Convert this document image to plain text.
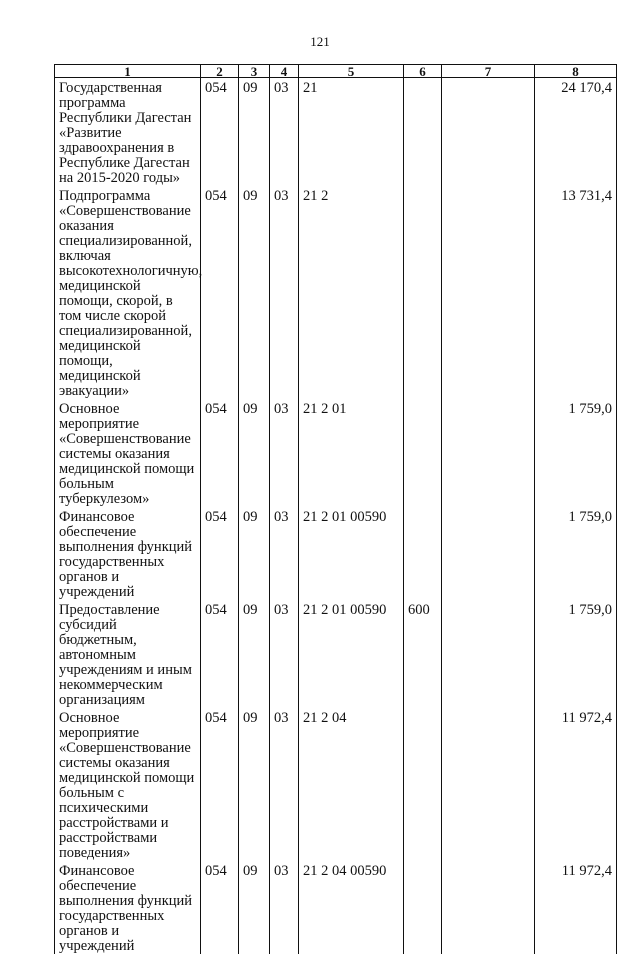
121
1	2	3	4	5	6	7	8
Государственная программа Республики Дагестан «Развитие здравоохранения в Республике Дагестан на 2015-2020 годы»	054	09	03	21			24 170,4
Подпрограмма «Совершенствование оказания специализированной, включая высокотехнологичную, медицинской помощи, скорой, в том числе скорой специализированной, медицинской помощи, медицинской эвакуации»	054	09	03	21 2			13 731,4
Основное мероприятие «Совершенствование системы оказания медицинской помощи больным туберкулезом»	054	09	03	21 2 01			1 759,0
Финансовое обеспечение выполнения функций государственных органов и учреждений	054	09	03	21 2 01 00590			1 759,0
Предоставление субсидий бюджетным, автономным учреждениям и иным некоммерческим организациям	054	09	03	21 2 01 00590	600		1 759,0
Основное мероприятие «Совершенствование системы оказания медицинской помощи больным с психическими расстройствами и расстройствами поведения»	054	09	03	21 2 04			11 972,4
Финансовое обеспечение выполнения функций государственных органов и учреждений	054	09	03	21 2 04 00590			11 972,4
